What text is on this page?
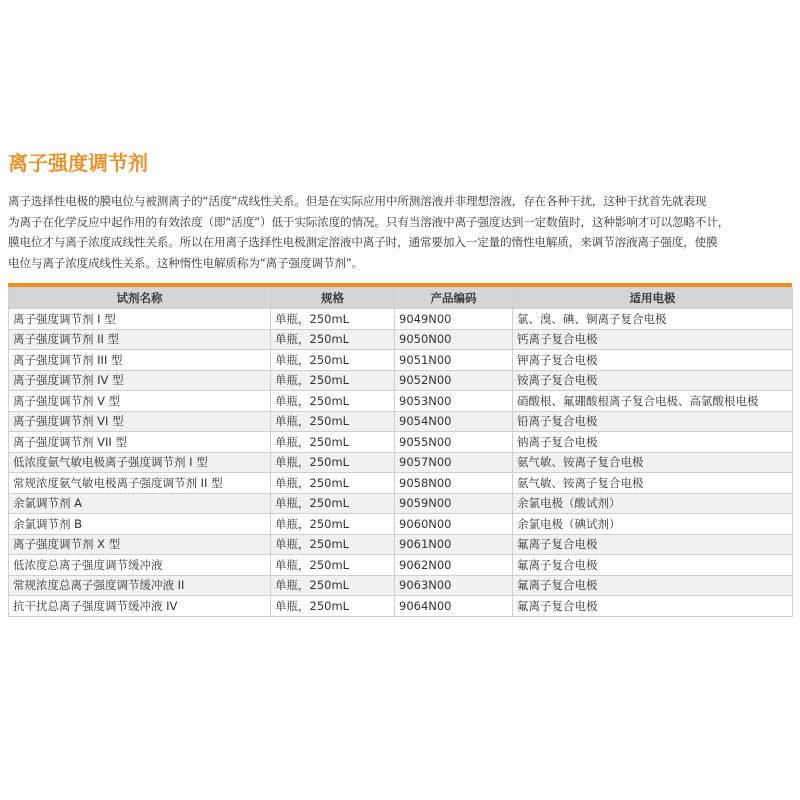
离子强度调节剂

离子选择性电极的膜电位与被测离子的“活度”成线性关系。但是在实际应用中所测溶液并非理想溶液，存在各种干扰，这种干扰首先就表现

为离子在化学反应中起作用的有效浓度（即“活度”）低于实际浓度的情况。只有当溶液中离子强度达到一定数值时，这种影响才可以忽略不计，

膜电位才与离子浓度成线性关系。所以在用离子选择性电极测定溶液中离子时，通常要加入一定量的惰性电解质，来调节溶液离子强度，使膜

电位与离子浓度成线性关系。这种惰性电解质称为“离子强度调节剂”。

试剂名称	规格	产品编码	适用电极
离子强度调节剂 I 型	单瓶，250mL	9049N00	氯、溴、碘、铜离子复合电极
离子强度调节剂 II 型	单瓶，250mL	9050N00	钙离子复合电极
离子强度调节剂 III 型	单瓶，250mL	9051N00	钾离子复合电极
离子强度调节剂 IV 型	单瓶，250mL	9052N00	铵离子复合电极
离子强度调节剂 V 型	单瓶，250mL	9053N00	硝酸根、氟硼酸根离子复合电极、高氯酸根电极
离子强度调节剂 VI 型	单瓶，250mL	9054N00	铅离子复合电极
离子强度调节剂 VII 型	单瓶，250mL	9055N00	钠离子复合电极
低浓度氨气敏电极离子强度调节剂 I 型	单瓶，250mL	9057N00	氨气敏、铵离子复合电极
常规浓度氨气敏电极离子强度调节剂 II 型	单瓶，250mL	9058N00	氨气敏、铵离子复合电极
余氯调节剂 A	单瓶，250mL	9059N00	余氯电极（酸试剂）
余氯调节剂 B	单瓶，250mL	9060N00	余氯电极（碘试剂）
离子强度调节剂 X 型	单瓶，250mL	9061N00	氟离子复合电极
低浓度总离子强度调节缓冲液	单瓶，250mL	9062N00	氟离子复合电极
常规浓度总离子强度调节缓冲液 II	单瓶，250mL	9063N00	氟离子复合电极
抗干扰总离子强度调节缓冲液 IV	单瓶，250mL	9064N00	氟离子复合电极
